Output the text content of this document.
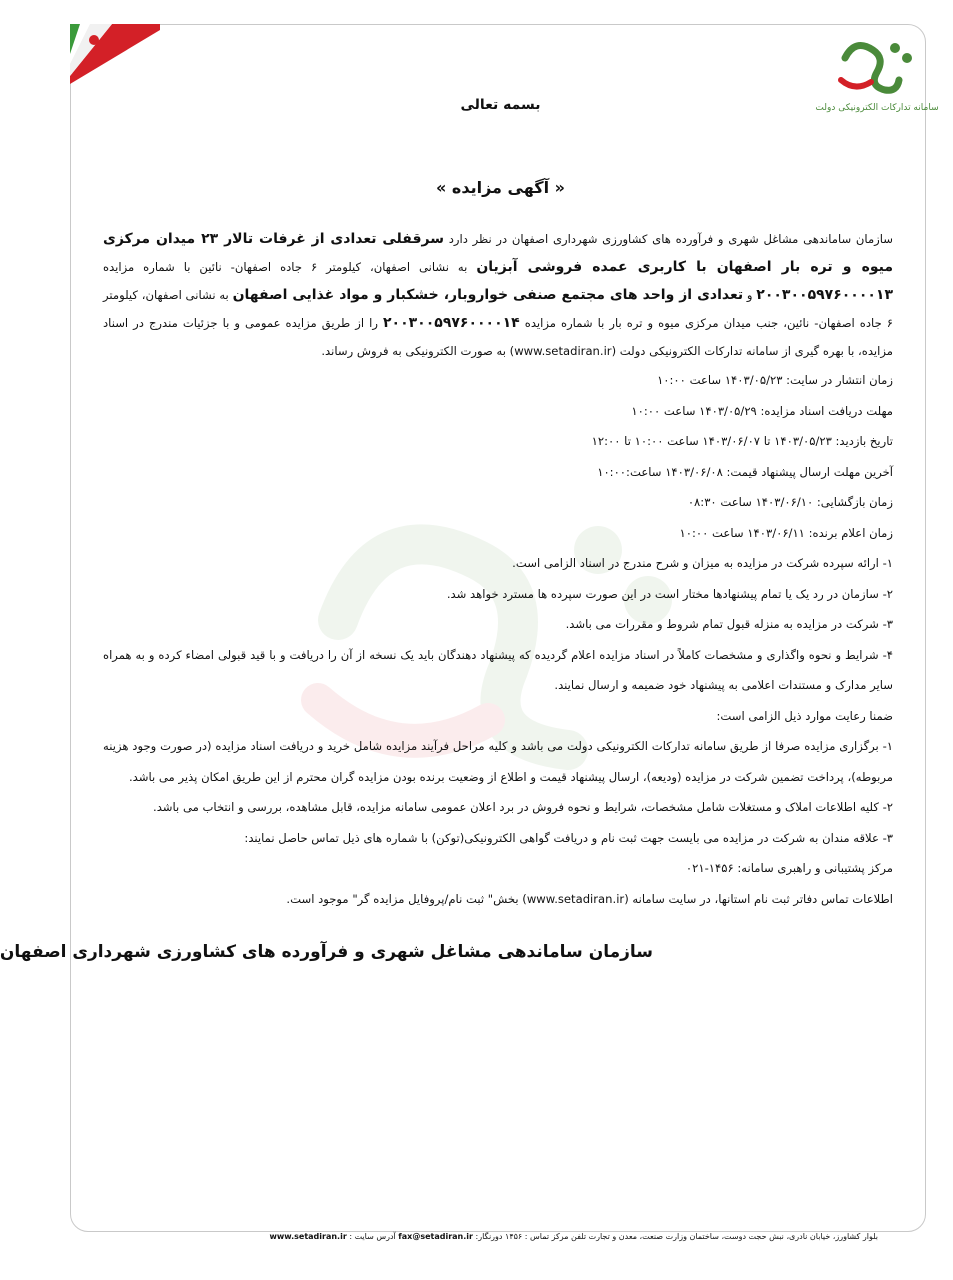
سامانه تدارکات الکترونیکی دولت
بسمه تعالی
« آگهی مزایده »

سازمان ساماندهی مشاغل شهری و فرآورده های کشاورزی شهرداری اصفهان در نظر دارد سرقفلی تعدادی از غرفات تالار ۲۳ میدان مرکزی میوه و تره بار اصفهان با کاربری عمده فروشی آبزیان به نشانی اصفهان، کیلومتر ۶ جاده اصفهان- نائین با شماره مزایده ۲۰۰۳۰۰۵۹۷۶۰۰۰۰۱۳ و تعدادی از واحد های مجتمع صنفی خواروبار، خشکبار و مواد غذایی اصفهان به نشانی اصفهان، کیلومتر ۶ جاده اصفهان- نائین، جنب میدان مرکزی میوه و تره بار با شماره مزایده ۲۰۰۳۰۰۵۹۷۶۰۰۰۰۱۴ را از طریق مزایده عمومی و با جزئیات مندرج در اسناد مزایده، با بهره گیری از سامانه تدارکات الکترونیکی دولت (www.setadiran.ir) به صورت الکترونیکی به فروش رساند.

زمان انتشار در سایت: ۱۴۰۳/۰۵/۲۳ ساعت ۱۰:۰۰

مهلت دریافت اسناد مزایده: ۱۴۰۳/۰۵/۲۹ ساعت ۱۰:۰۰

تاریخ بازدید: ۱۴۰۳/۰۵/۲۳ تا ۱۴۰۳/۰۶/۰۷ ساعت ۱۰:۰۰ تا ۱۲:۰۰

آخرین مهلت ارسال پیشنهاد قیمت: ۱۴۰۳/۰۶/۰۸ ساعت:۱۰:۰۰

زمان بازگشایی: ۱۴۰۳/۰۶/۱۰ ساعت ۰۸:۳۰

زمان اعلام برنده: ۱۴۰۳/۰۶/۱۱ ساعت ۱۰:۰۰

۱- ارائه سپرده شرکت در مزایده به میزان و شرح مندرج در اسناد الزامی است.

۲- سازمان در رد یک یا تمام پیشنهادها مختار است در این صورت سپرده ها مسترد خواهد شد.

۳- شرکت در مزایده به منزله قبول تمام شروط و مقررات می باشد.

۴- شرایط و نحوه واگذاری و مشخصات کاملاً در اسناد مزایده اعلام گردیده که پیشنهاد دهندگان باید یک نسخه از آن را دریافت و با قید قبولی امضاء کرده و به همراه سایر مدارک و مستندات اعلامی به پیشنهاد خود ضمیمه و ارسال نمایند.

ضمنا رعایت موارد ذیل الزامی است:

۱- برگزاری مزایده صرفا از طریق سامانه تدارکات الکترونیکی دولت می باشد و کلیه مراحل فرآیند مزایده شامل خرید و دریافت اسناد مزایده (در صورت وجود هزینه مربوطه)، پرداخت تضمین شرکت در مزایده (ودیعه)، ارسال پیشنهاد قیمت و اطلاع از وضعیت برنده بودن مزایده گران محترم از این طریق امکان پذیر می باشد.

۲- کلیه اطلاعات املاک و مستغلات شامل مشخصات، شرایط و نحوه فروش در برد اعلان عمومی سامانه مزایده، قابل مشاهده، بررسی و انتخاب می باشد.

۳- علاقه مندان به شرکت در مزایده می بایست جهت ثبت نام و دریافت گواهی الکترونیکی(توکن) با شماره های ذیل تماس حاصل نمایند:

مرکز پشتیبانی و راهبری سامانه: ۱۴۵۶-۰۲۱

اطلاعات تماس دفاتر ثبت نام استانها، در سایت سامانه (www.setadiran.ir) بخش" ثبت نام/پروفایل مزایده گر" موجود است.

سازمان ساماندهی مشاغل شهری و فرآورده های کشاورزی شهرداری اصفهان
بلوار کشاورز، خیابان نادری، نبش حجت دوست، ساختمان وزارت صنعت، معدن و تجارت تلفن مرکز تماس : ۱۴۵۶ دورنگار: fax@setadiran.ir آدرس سایت : www.setadiran.ir
